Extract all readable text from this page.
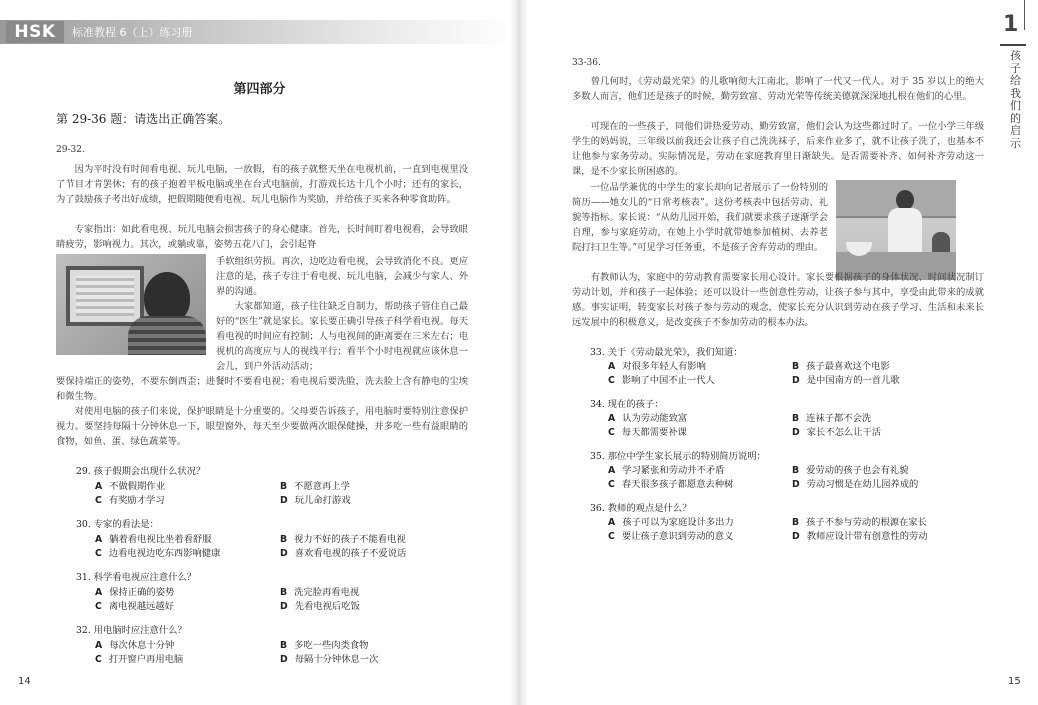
HSK	标准教程 6（上）练习册
第四部分
第 29-36 题：请选出正确答案。
29-32.
因为平时没有时间看电视、玩儿电脑，一放假，有的孩子就整天坐在电视机前，一直到电视里没了节目才肯罢休；有的孩子抱着平板电脑或坐在台式电脑前，打游戏长达十几个小时；还有的家长，为了鼓励孩子考出好成绩，把假期随便看电视、玩儿电脑作为奖励，并给孩子买来各种零食助阵。
专家指出：如此看电视、玩儿电脑会损害孩子的身心健康。首先，长时间盯着电视看，会导致眼睛疲劳，影响视力。其次，或躺或靠，姿势五花八门，会引起脊
手软组织劳损。再次，边吃边看电视，会导致消化不良。更应注意的是，孩子专注于看电视、玩儿电脑，会减少与家人、外界的沟通。
大家都知道，孩子往往缺乏自制力，帮助孩子管住自己最好的“医生”就是家长。家长要正确引导孩子科学看电视。每天看电视的时间应有控制；人与电视间的距离要在三米左右；电视机的高度应与人的视线平行；看半个小时电视就应该休息一会儿，到户外活动活动；
要保持端正的姿势，不要东倒西歪；进餐时不要看电视；看电视后要洗脸，洗去脸上含有静电的尘埃和微生物。
对使用电脑的孩子们来说，保护眼睛是十分重要的。父母要告诉孩子，用电脑时要特别注意保护视力。要坚持每隔十分钟休息一下，眼望窗外，每天至少要做两次眼保健操，并多吃一些有益眼睛的食物，如鱼、蛋、绿色蔬菜等。
29. 孩子假期会出现什么状况？
A 不做假期作业	B 不愿意再上学
C 有奖励才学习	D 玩儿命打游戏
30. 专家的看法是：
A 躺着看电视比坐着看舒服	B 视力不好的孩子不能看电视
C 边看电视边吃东西影响健康	D 喜欢看电视的孩子不爱说话
31. 科学看电视应注意什么？
A 保持正确的姿势	B 洗完脸再看电视
C 离电视越远越好	D 先看电视后吃饭
32. 用电脑时应注意什么？
A 每次休息十分钟	B 多吃一些肉类食物
C 打开窗户再用电脑	D 每隔十分钟休息一次
14
33-36.
曾几何时，《劳动最光荣》的儿歌响彻大江南北，影响了一代又一代人。对于 35 岁以上的绝大多数人而言，他们还是孩子的时候，勤劳致富、劳动光荣等传统美德就深深地扎根在他们的心里。
可现在的一些孩子，同他们讲热爱劳动、勤劳致富，他们会认为这些都过时了。一位小学三年级学生的妈妈说，三年级以前我还会让孩子自己洗洗袜子，后来作业多了，就不让孩子洗了，也基本不让他参与家务劳动。实际情况是，劳动在家庭教育里日渐缺失。是否需要补齐、如何补齐劳动这一课，是不少家长所困惑的。
一位品学兼优的中学生的家长却向记者展示了一份特别的简历——她女儿的“日常考核表”。这份考核表中包括劳动、礼貌等指标。家长说：“从幼儿园开始，我们就要求孩子逐渐学会自理，参与家庭劳动，在她上小学时就带她参加植树、去养老院打扫卫生等。”可见学习任务重，不是孩子舍弃劳动的理由。
有教师认为，家庭中的劳动教育需要家长用心设计。家长要根据孩子的身体状况、时间状况制订劳动计划，并和孩子一起体验；还可以设计一些创意性劳动，让孩子参与其中，享受由此带来的成就感。事实证明，转变家长对孩子参与劳动的观念，使家长充分认识到劳动在孩子学习、生活和未来长远发展中的积极意义，是改变孩子不参加劳动的根本办法。
33. 关于《劳动最光荣》，我们知道：
A 对很多年轻人有影响	B 孩子最喜欢这个电影
C 影响了中国不止一代人	D 是中国南方的一首儿歌
34. 现在的孩子：
A 认为劳动能致富	B 连袜子都不会洗
C 每天都需要补课	D 家长不怎么让干活
35. 那位中学生家长展示的特别简历说明：
A 学习紧张和劳动并不矛盾	B 爱劳动的孩子也会有礼貌
C 春天很多孩子都愿意去种树	D 劳动习惯是在幼儿园养成的
36. 教师的观点是什么？
A 孩子可以为家庭设计多出力	B 孩子不参与劳动的根源在家长
C 要让孩子意识到劳动的意义	D 教师应设计带有创意性的劳动
15
1
孩子给我们的启示
